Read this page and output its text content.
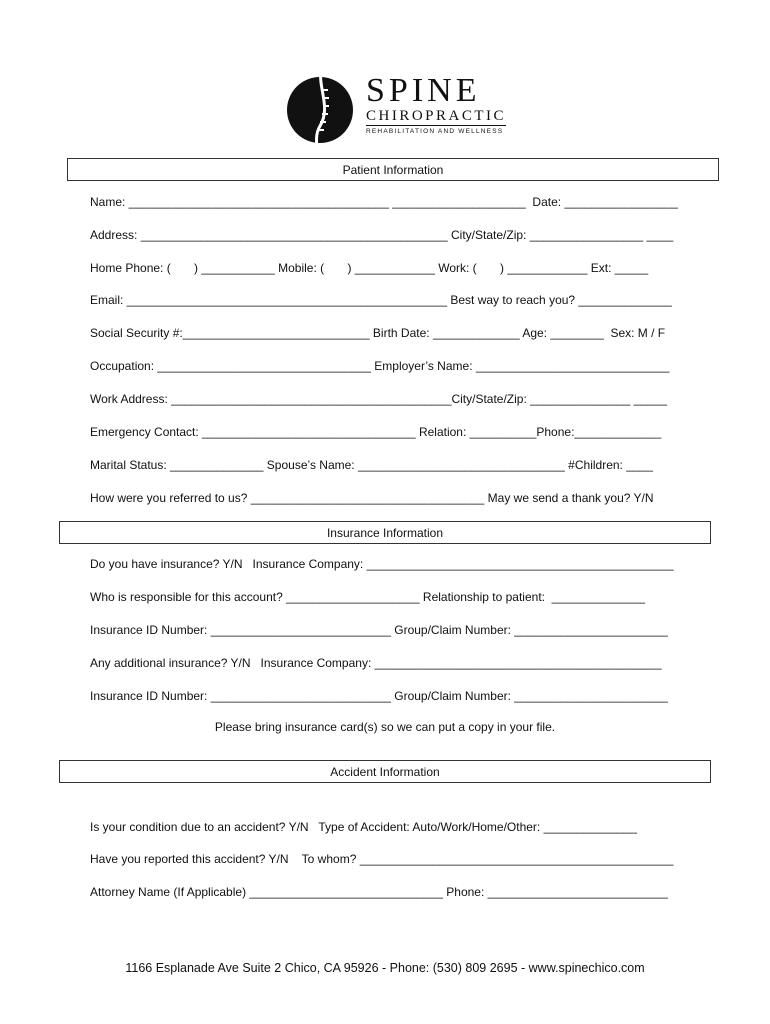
SPINE
CHIROPRACTIC
REHABILITATION AND WELLNESS
Patient Information
Name: _______________________________________ ____________________  Date: _________________
Address: ______________________________________________ City/State/Zip: _________________ ____
Home Phone: (       ) ___________ Mobile: (       ) ____________ Work: (       ) ____________ Ext: _____
Email: ________________________________________________ Best way to reach you? ______________
Social Security #:____________________________ Birth Date: _____________ Age: ________  Sex: M / F
Occupation: ________________________________ Employer’s Name: _____________________________
Work Address: __________________________________________City/State/Zip: _______________ _____
Emergency Contact: ________________________________ Relation: __________Phone:_____________
Marital Status: ______________ Spouse’s Name: _______________________________ #Children: ____
How were you referred to us? ___________________________________ May we send a thank you? Y/N
Insurance Information
Do you have insurance? Y/N   Insurance Company: ______________________________________________
Who is responsible for this account? ____________________ Relationship to patient:  ______________
Insurance ID Number: ___________________________ Group/Claim Number: _______________________
Any additional insurance? Y/N   Insurance Company: ___________________________________________
Insurance ID Number: ___________________________ Group/Claim Number: _______________________
Please bring insurance card(s) so we can put a copy in your file.
Accident Information
Is your condition due to an accident? Y/N   Type of Accident: Auto/Work/Home/Other: ______________
Have you reported this accident? Y/N    To whom? _______________________________________________
Attorney Name (If Applicable) _____________________________ Phone: ___________________________
1166 Esplanade Ave Suite 2 Chico, CA 95926 - Phone: (530) 809 2695 - www.spinechico.com
